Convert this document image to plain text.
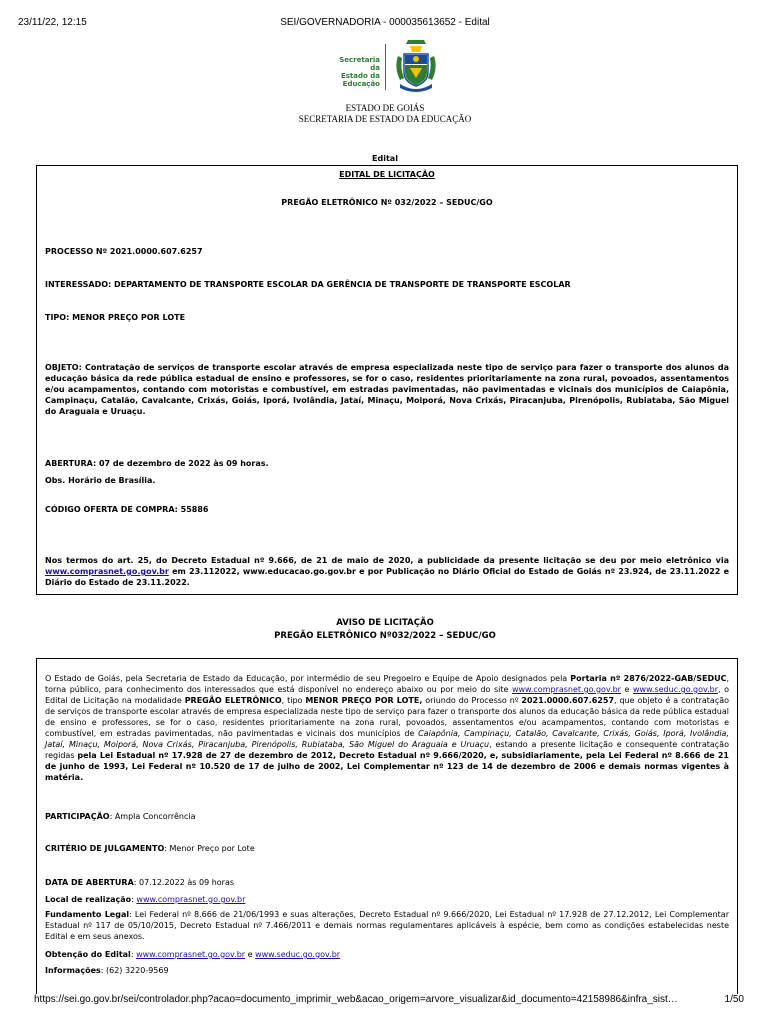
23/11/22, 12:15	SEI/GOVERNADORIA - 000035613652 - Edital
Secretaria da
Estado da
Educação
ESTADO DE GOIÁS
SECRETARIA DE ESTADO DA EDUCAÇÃO
Edital
EDITAL DE LICITAÇÃO
PREGÃO ELETRÔNICO Nº 032/2022 – SEDUC/GO
PROCESSO Nº 2021.0000.607.6257
INTERESSADO: DEPARTAMENTO DE TRANSPORTE ESCOLAR DA GERÊNCIA DE TRANSPORTE DE TRANSPORTE ESCOLAR
TIPO: MENOR PREÇO POR LOTE
OBJETO: Contratação de serviços de transporte escolar através de empresa especializada neste tipo de serviço para fazer o transporte dos alunos da educação básica da rede pública estadual de ensino e professores, se for o caso, residentes prioritariamente na zona rural, povoados, assentamentos e/ou acampamentos, contando com motoristas e combustível, em estradas pavimentadas, não pavimentadas e vicinais dos municípios de Caiapônia, Campinaçu, Catalão, Cavalcante, Crixás, Goiás, Iporá, Ivolândia, Jataí, Minaçu, Moiporá, Nova Crixás, Piracanjuba, Pirenópolis, Rubiataba, São Miguel do Araguaia e Uruaçu.
ABERTURA: 07 de dezembro de 2022 às 09 horas.
Obs. Horário de Brasília.
CÓDIGO OFERTA DE COMPRA: 55886
Nos termos do art. 25, do Decreto Estadual nº 9.666, de 21 de maio de 2020, a publicidade da presente licitação se deu por meio eletrônico via www.comprasnet.go.gov.br em 23.112022, www.educacao.go.gov.br e por Publicação no Diário Oficial do Estado de Goiás nº 23.924, de 23.11.2022 e Diário do Estado de 23.11.2022.
AVISO DE LICITAÇÃO
PREGÃO ELETRÔNICO Nº032/2022 – SEDUC/GO
O Estado de Goiás, pela Secretaria de Estado da Educação, por intermédio de seu Pregoeiro e Equipe de Apoio designados pela Portaria nº 2876/2022-GAB/SEDUC, torna público, para conhecimento dos interessados que está disponível no endereço abaixo ou por meio do site www.comprasnet.go.gov.br e www.seduc.go.gov.br, o Edital de Licitação na modalidade PREGÃO ELETRÔNICO, tipo MENOR PREÇO POR LOTE, oriundo do Processo nº 2021.0000.607.6257, que objeto é a contratação de serviços de transporte escolar através de empresa especializada neste tipo de serviço para fazer o transporte dos alunos da educação básica da rede pública estadual de ensino e professores, se for o caso, residentes prioritariamente na zona rural, povoados, assentamentos e/ou acampamentos, contando com motoristas e combustível, em estradas pavimentadas, não pavimentadas e vicinais dos municípios de Caiapônia, Campinaçu, Catalão, Cavalcante, Crixás, Goiás, Iporá, Ivolândia, Jataí, Minaçu, Moiporá, Nova Crixás, Piracanjuba, Pirenópolis, Rubiataba, São Miguel do Araguaia e Uruaçu, estando a presente licitação e consequente contratação regidas pela Lei Estadual nº 17.928 de 27 de dezembro de 2012, Decreto Estadual nº 9.666/2020, e, subsidiariamente, pela Lei Federal nº 8.666 de 21 de junho de 1993, Lei Federal nº 10.520 de 17 de julho de 2002, Lei Complementar nº 123 de 14 de dezembro de 2006 e demais normas vigentes à matéria.
PARTICIPAÇÃO: Ampla Concorrência
CRITÉRIO DE JULGAMENTO: Menor Preço por Lote
DATA DE ABERTURA: 07.12.2022 às 09 horas
Local de realização: www.comprasnet.go.gov.br
Fundamento Legal: Lei Federal nº 8.666 de 21/06/1993 e suas alterações, Decreto Estadual nº 9.666/2020, Lei Estadual nº 17.928 de 27.12.2012, Lei Complementar Estadual nº 117 de 05/10/2015, Decreto Estadual nº 7.466/2011 e demais normas regulamentares aplicáveis à espécie, bem como as condições estabelecidas neste Edital e em seus anexos.
Obtenção do Edital: www.comprasnet.go.gov.br e www.seduc.go.gov.br
Informações: (62) 3220-9569
https://sei.go.gov.br/sei/controlador.php?acao=documento_imprimir_web&acao_origem=arvore_visualizar&id_documento=42158986&infra_sist…	1/50
